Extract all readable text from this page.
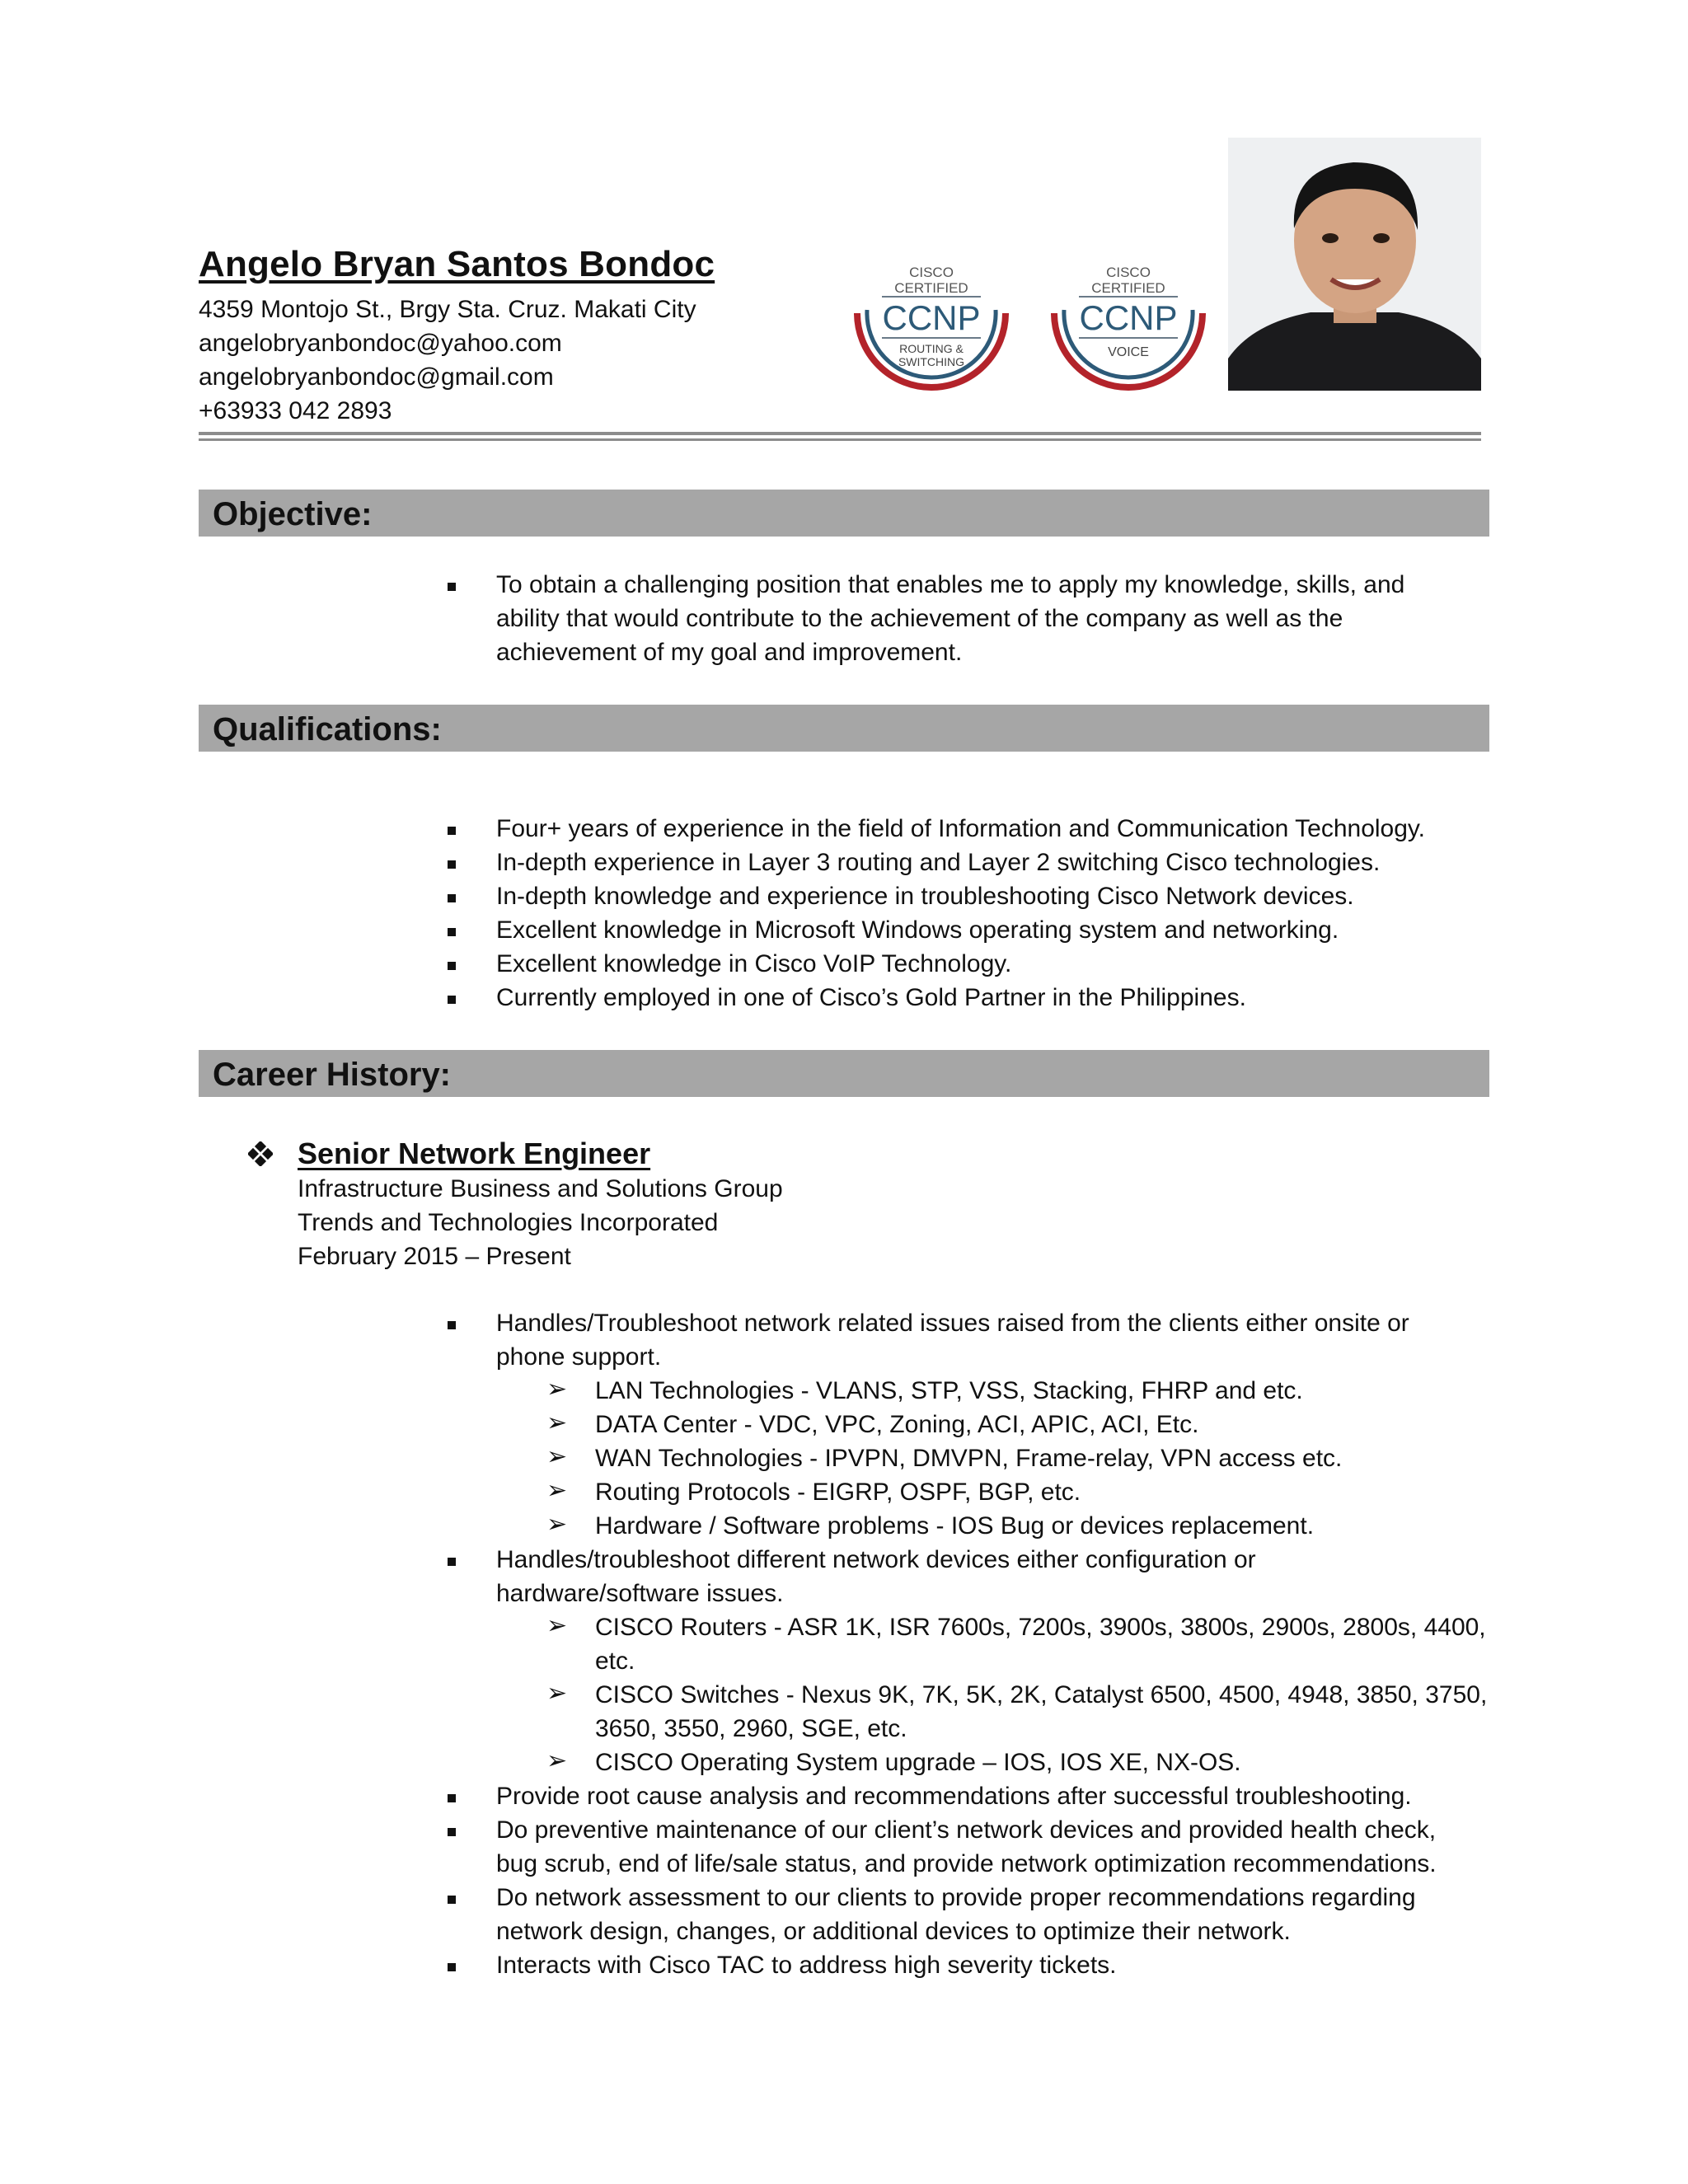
Angelo Bryan Santos Bondoc
4359 Montojo St., Brgy Sta. Cruz. Makati City
angelobryanbondoc@yahoo.com
angelobryanbondoc@gmail.com
+63933 042 2893
CISCO
CERTIFIED
CCNP
ROUTING &
SWITCHING
CISCO
CERTIFIED
CCNP
VOICE
Objective:
To obtain a challenging position that enables me to apply my knowledge, skills, and
ability that would contribute to the achievement of the company as well as the
achievement of my goal and improvement.
Qualifications:
Four+ years of experience in the field of Information and Communication Technology.
In-depth experience in Layer 3 routing and Layer 2 switching Cisco technologies.
In-depth knowledge and experience in troubleshooting Cisco Network devices.
Excellent knowledge in Microsoft Windows operating system and networking.
Excellent knowledge in Cisco VoIP Technology.
Currently employed in one of Cisco’s Gold Partner in the Philippines.
Career History:
Senior Network Engineer
Infrastructure Business and Solutions Group
Trends and Technologies Incorporated
February 2015 – Present
Handles/Troubleshoot network related issues raised from the clients either onsite or
phone support.
➢ LAN Technologies - VLANS, STP, VSS, Stacking, FHRP and etc.
➢ DATA Center - VDC, VPC, Zoning, ACI, APIC, ACI, Etc.
➢ WAN Technologies - IPVPN, DMVPN, Frame-relay, VPN access etc.
➢ Routing Protocols - EIGRP, OSPF, BGP, etc.
➢ Hardware / Software problems - IOS Bug or devices replacement.
Handles/troubleshoot different network devices either configuration or
hardware/software issues.
➢ CISCO Routers - ASR 1K, ISR 7600s, 7200s, 3900s, 3800s, 2900s, 2800s, 4400,
etc.
➢ CISCO Switches - Nexus 9K, 7K, 5K, 2K, Catalyst 6500, 4500, 4948, 3850, 3750,
3650, 3550, 2960, SGE, etc.
➢ CISCO Operating System upgrade – IOS, IOS XE, NX-OS.
Provide root cause analysis and recommendations after successful troubleshooting.
Do preventive maintenance of our client’s network devices and provided health check,
bug scrub, end of life/sale status, and provide network optimization recommendations.
Do network assessment to our clients to provide proper recommendations regarding
network design, changes, or additional devices to optimize their network.
Interacts with Cisco TAC to address high severity tickets.
